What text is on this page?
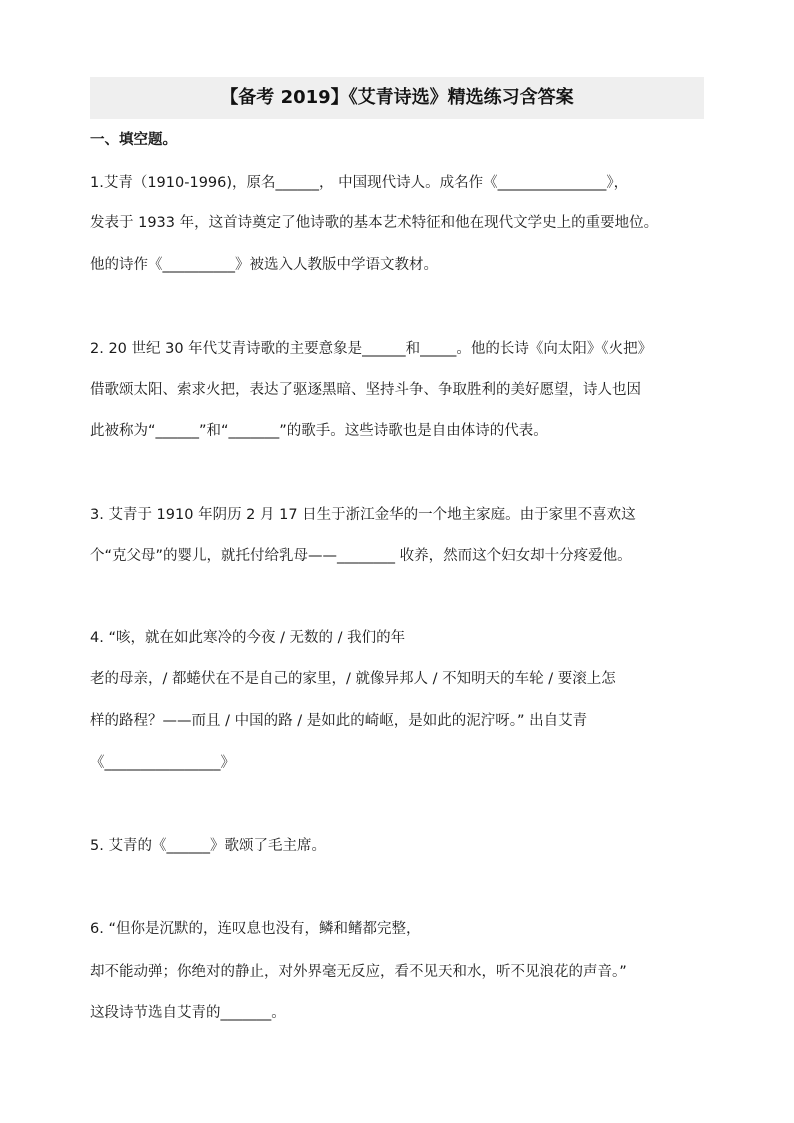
【备考 2019】《艾青诗选》精选练习含答案
一、填空题。
1.艾青（1910-1996)，原名______， 中国现代诗人。成名作《_______________》，
发表于 1933 年，这首诗奠定了他诗歌的基本艺术特征和他在现代文学史上的重要地位。
他的诗作《__________》被选入人教版中学语文教材。
2. 20 世纪 30 年代艾青诗歌的主要意象是______和_____。他的长诗《向太阳》《火把》
借歌颂太阳、索求火把，表达了驱逐黑暗、坚持斗争、争取胜利的美好愿望，诗人也因
此被称为“______”和“_______”的歌手。这些诗歌也是自由体诗的代表。
3. 艾青于 1910 年阴历 2 月 17 日生于浙江金华的一个地主家庭。由于家里不喜欢这
个“克父母”的婴儿，就托付给乳母——________ 收养，然而这个妇女却十分疼爱他。
4. “咳，就在如此寒冷的今夜 / 无数的 / 我们的年
老的母亲，/ 都蜷伏在不是自己的家里，/ 就像异邦人 / 不知明天的车轮 / 要滚上怎
样的路程？——而且 / 中国的路 / 是如此的崎岖，是如此的泥泞呀。” 出自艾青
《________________》
5. 艾青的《______》歌颂了毛主席。
6. “但你是沉默的，连叹息也没有，鳞和鳍都完整，
却不能动弹；你绝对的静止，对外界毫无反应，看不见天和水，听不见浪花的声音。”
这段诗节选自艾青的_______。
